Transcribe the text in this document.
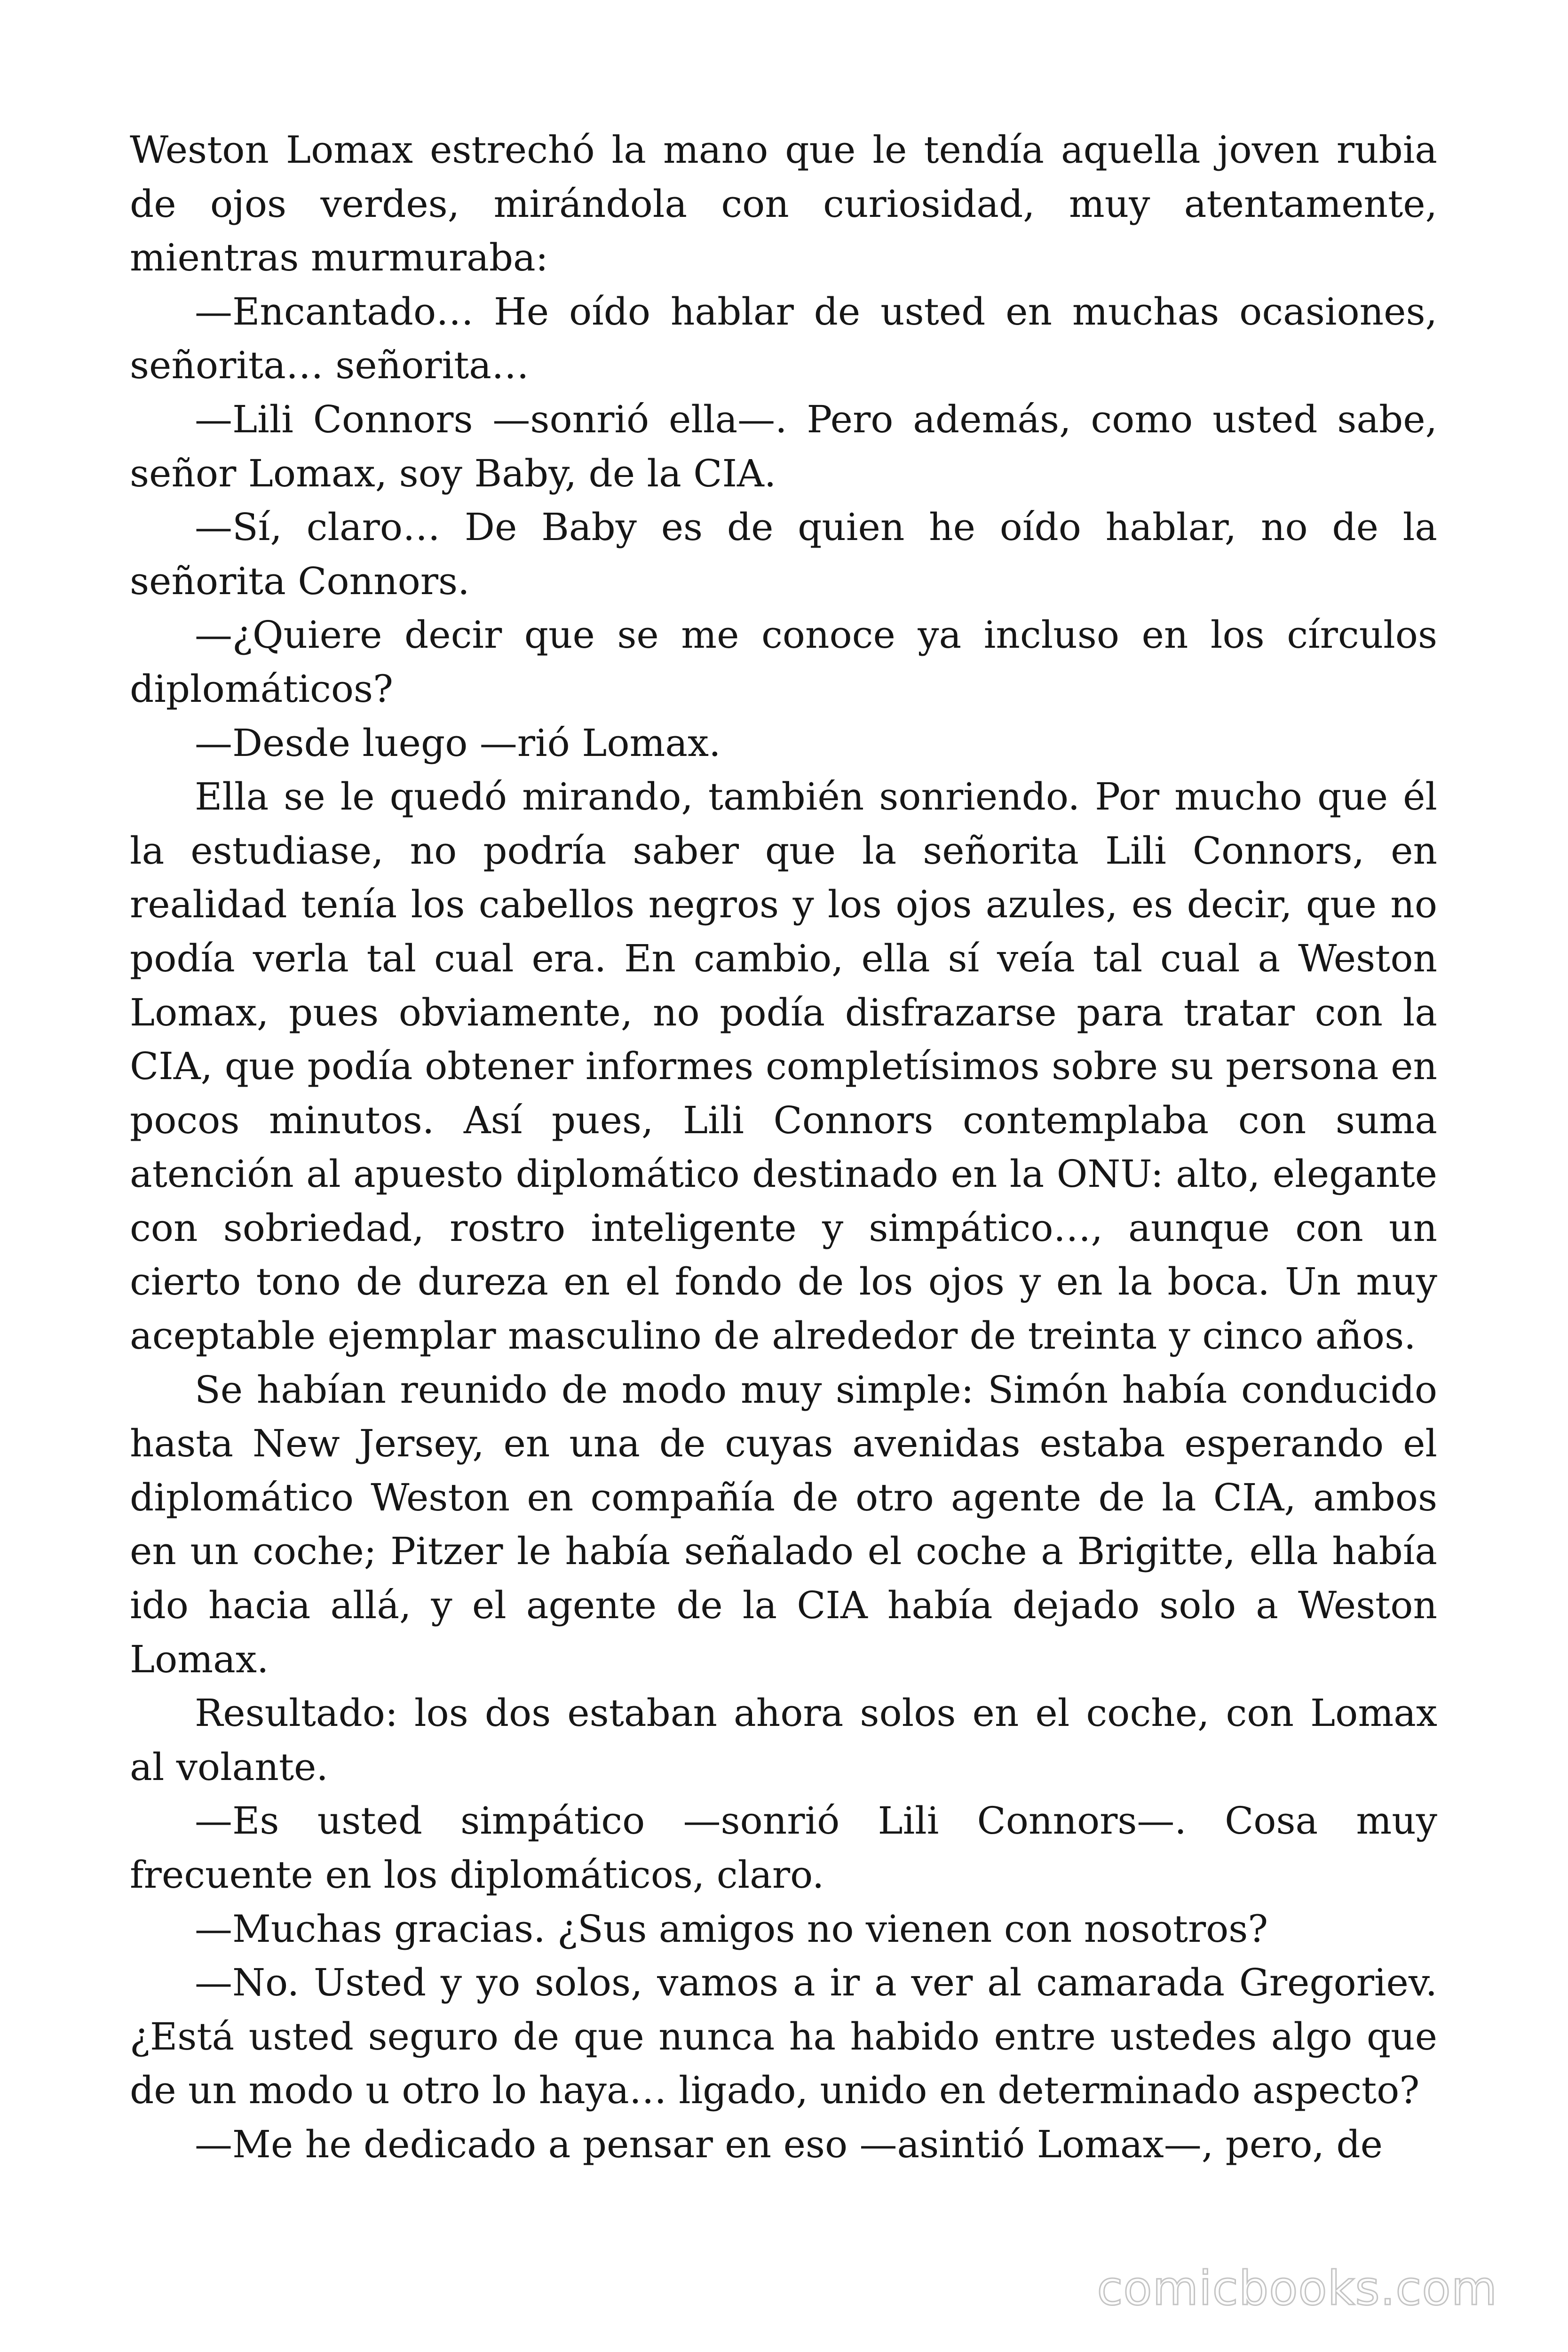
Weston Lomax estrechó la mano que le tendía aquella joven rubia de ojos verdes, mirándola con curiosidad, muy atentamente, mientras murmuraba:

—Encantado… He oído hablar de usted en muchas ocasiones, señorita… señorita…

—Lili Connors —sonrió ella—. Pero además, como usted sabe, señor Lomax, soy Baby, de la CIA.

—Sí, claro… De Baby es de quien he oído hablar, no de la señorita Connors.

—¿Quiere decir que se me conoce ya incluso en los círculos diplomáticos?

—Desde luego —rió Lomax.

Ella se le quedó mirando, también sonriendo. Por mucho que él la estudiase, no podría saber que la señorita Lili Connors, en realidad tenía los cabellos negros y los ojos azules, es decir, que no podía verla tal cual era. En cambio, ella sí veía tal cual a Weston Lomax, pues obviamente, no podía disfrazarse para tratar con la CIA, que podía obtener informes completísimos sobre su persona en pocos minutos. Así pues, Lili Connors contemplaba con suma atención al apuesto diplomático destinado en la ONU: alto, elegante con sobriedad, rostro inteligente y simpático…, aunque con un cierto tono de dureza en el fondo de los ojos y en la boca. Un muy aceptable ejemplar masculino de alrededor de treinta y cinco años.

Se habían reunido de modo muy simple: Simón había conducido hasta New Jersey, en una de cuyas avenidas estaba esperando el diplomático Weston en compañía de otro agente de la CIA, ambos en un coche; Pitzer le había señalado el coche a Brigitte, ella había ido hacia allá, y el agente de la CIA había dejado solo a Weston Lomax.

Resultado: los dos estaban ahora solos en el coche, con Lomax al volante.

—Es usted simpático —sonrió Lili Connors—. Cosa muy frecuente en los diplomáticos, claro.

—Muchas gracias. ¿Sus amigos no vienen con nosotros?

—No. Usted y yo solos, vamos a ir a ver al camarada Gregoriev. ¿Está usted seguro de que nunca ha habido entre ustedes algo que de un modo u otro lo haya… ligado, unido en determinado aspecto?

—Me he dedicado a pensar en eso —asintió Lomax—, pero, de

comicbooks.com
